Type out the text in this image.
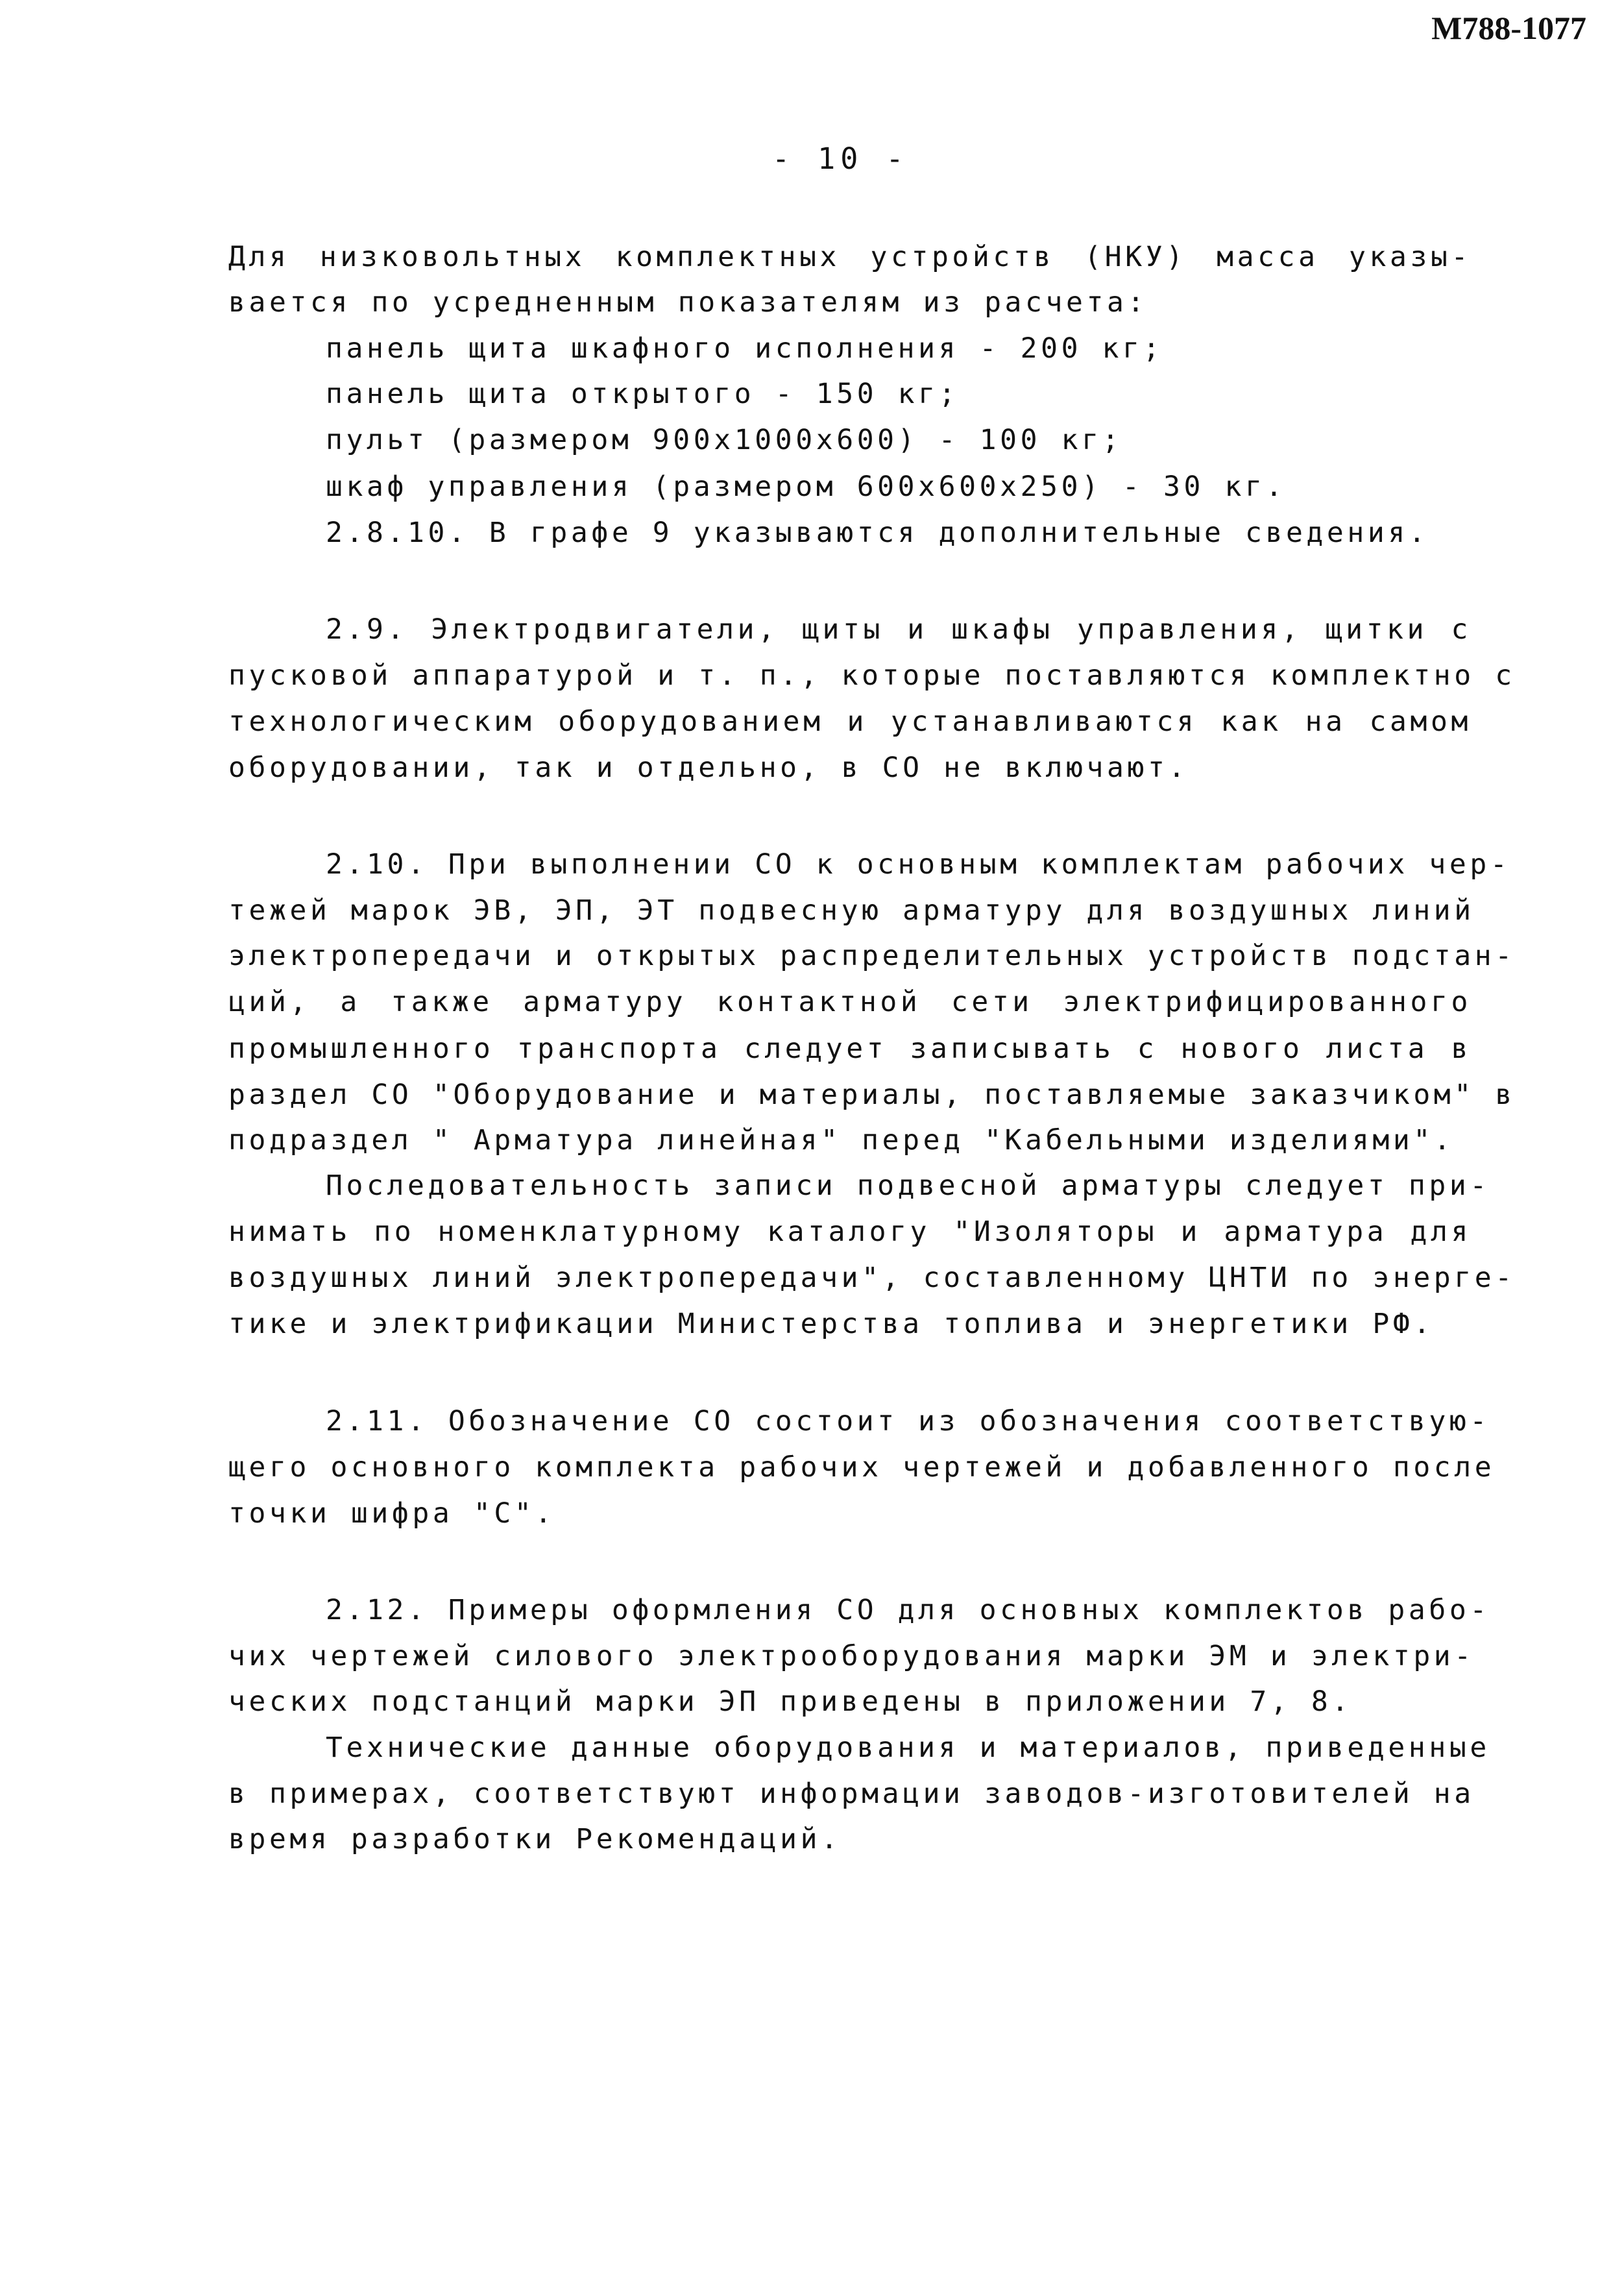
М788-1077
- 10 -
Для низковольтных комплектных устройств (НКУ) масса указы-
вается по усредненным показателям из расчета:
панель щита шкафного исполнения - 200 кг;
панель щита открытого - 150 кг;
пульт (размером 900х1000х600) - 100 кг;
шкаф управления (размером 600х600х250) - 30 кг.
2.8.10. В графе 9 указываются дополнительные сведения.
2.9. Электродвигатели, щиты и шкафы управления, щитки с
пусковой аппаратурой и т. п., которые поставляются комплектно с
технологическим оборудованием и устанавливаются как на самом
оборудовании, так и отдельно, в СО не включают.
2.10. При выполнении СО к основным комплектам рабочих чер-
тежей марок ЭВ, ЭП, ЭТ подвесную арматуру для воздушных линий
электропередачи и открытых распределительных устройств подстан-
ций, а также арматуру контактной сети электрифицированного
промышленного транспорта следует записывать с нового листа в
раздел СО "Оборудование и материалы, поставляемые заказчиком" в
подраздел " Арматура линейная" перед "Кабельными изделиями".
Последовательность записи подвесной арматуры следует при-
нимать по номенклатурному каталогу "Изоляторы и арматура для
воздушных линий электропередачи", составленному ЦНТИ по энерге-
тике и электрификации Министерства топлива и энергетики РФ.
2.11. Обозначение СО состоит из обозначения соответствую-
щего основного комплекта рабочих чертежей и добавленного после
точки шифра "С".
2.12. Примеры оформления СО для основных комплектов рабо-
чих чертежей силового электрооборудования марки ЭМ и электри-
ческих подстанций марки ЭП приведены в приложении 7, 8.
Технические данные оборудования и материалов, приведенные
в примерах, соответствуют информации заводов-изготовителей на
время разработки Рекомендаций.
